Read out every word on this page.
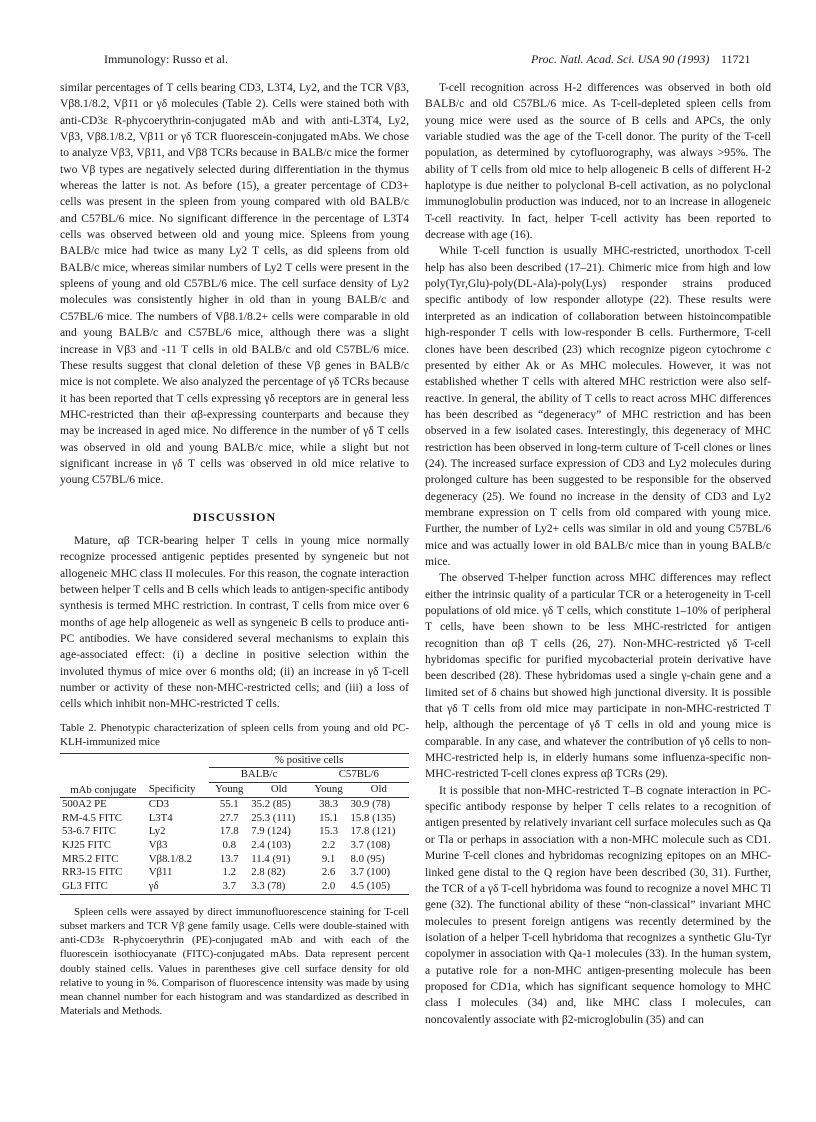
Immunology: Russo et al.	Proc. Natl. Acad. Sci. USA 90 (1993) 11721

similar percentages of T cells bearing CD3, L3T4, Ly2, and the TCR Vβ3, Vβ8.1/8.2, Vβ11 or γδ molecules (Table 2). Cells were stained both with anti-CD3ε R-phycoerythrin-conjugated mAb and with anti-L3T4, Ly2, Vβ3, Vβ8.1/8.2, Vβ11 or γδ TCR fluorescein-conjugated mAbs. We chose to analyze Vβ3, Vβ11, and Vβ8 TCRs because in BALB/c mice the former two Vβ types are negatively selected during differentiation in the thymus whereas the latter is not. As before (15), a greater percentage of CD3+ cells was present in the spleen from young compared with old BALB/c and C57BL/6 mice. No significant difference in the percentage of L3T4 cells was observed between old and young mice. Spleens from young BALB/c mice had twice as many Ly2 T cells, as did spleens from old BALB/c mice, whereas similar numbers of Ly2 T cells were present in the spleens of young and old C57BL/6 mice. The cell surface density of Ly2 molecules was consistently higher in old than in young BALB/c and C57BL/6 mice. The numbers of Vβ8.1/8.2+ cells were comparable in old and young BALB/c and C57BL/6 mice, although there was a slight increase in Vβ3 and -11 T cells in old BALB/c and old C57BL/6 mice. These results suggest that clonal deletion of these Vβ genes in BALB/c mice is not complete. We also analyzed the percentage of γδ TCRs because it has been reported that T cells expressing γδ receptors are in general less MHC-restricted than their αβ-expressing counterparts and because they may be increased in aged mice. No difference in the number of γδ T cells was observed in old and young BALB/c mice, while a slight but not significant increase in γδ T cells was observed in old mice relative to young C57BL/6 mice.

DISCUSSION

Mature, αβ TCR-bearing helper T cells in young mice normally recognize processed antigenic peptides presented by syngeneic but not allogeneic MHC class II molecules. For this reason, the cognate interaction between helper T cells and B cells which leads to antigen-specific antibody synthesis is termed MHC restriction. In contrast, T cells from mice over 6 months of age help allogeneic as well as syngeneic B cells to produce anti-PC antibodies. We have considered several mechanisms to explain this age-associated effect: (i) a decline in positive selection within the involuted thymus of mice over 6 months old; (ii) an increase in γδ T-cell number or activity of these non-MHC-restricted cells; and (iii) a loss of cells which inhibit non-MHC-restricted T cells.

Table 2. Phenotypic characterization of spleen cells from young and old PC-KLH-immunized mice
mAb conjugate	Specificity	% positive cells			
		BALB/c		C57BL/6	
		Young	Old	Young	Old
500A2 PE	CD3	55.1	35.2 (85)	38.3	30.9 (78)
RM-4.5 FITC	L3T4	27.7	25.3 (111)	15.1	15.8 (135)
53-6.7 FITC	Ly2	17.8	7.9 (124)	15.3	17.8 (121)
KJ25 FITC	Vβ3	0.8	2.4 (103)	2.2	3.7 (108)
MR5.2 FITC	Vβ8.1/8.2	13.7	11.4 (91)	9.1	8.0 (95)
RR3-15 FITC	Vβ11	1.2	2.8 (82)	2.6	3.7 (100)
GL3 FITC	γδ	3.7	3.3 (78)	2.0	4.5 (105)
Spleen cells were assayed by direct immunofluorescence staining for T-cell subset markers and TCR Vβ gene family usage. Cells were double-stained with anti-CD3ε R-phycoerythrin (PE)-conjugated mAb and with each of the fluorescein isothiocyanate (FITC)-conjugated mAbs. Data represent percent doubly stained cells. Values in parentheses give cell surface density for old relative to young in %. Comparison of fluorescence intensity was made by using mean channel number for each histogram and was standardized as described in Materials and Methods.

T-cell recognition across H-2 differences was observed in both old BALB/c and old C57BL/6 mice. As T-cell-depleted spleen cells from young mice were used as the source of B cells and APCs, the only variable studied was the age of the T-cell donor. The purity of the T-cell population, as determined by cytofluorography, was always >95%. The ability of T cells from old mice to help allogeneic B cells of different H-2 haplotype is due neither to polyclonal B-cell activation, as no polyclonal immunoglobulin production was induced, nor to an increase in allogeneic T-cell reactivity. In fact, helper T-cell activity has been reported to decrease with age (16).

While T-cell function is usually MHC-restricted, unorthodox T-cell help has also been described (17–21). Chimeric mice from high and low poly(Tyr,Glu)-poly(DL-Ala)-poly(Lys) responder strains produced specific antibody of low responder allotype (22). These results were interpreted as an indication of collaboration between histoincompatible high-responder T cells with low-responder B cells. Furthermore, T-cell clones have been described (23) which recognize pigeon cytochrome c presented by either Ak or As MHC molecules. However, it was not established whether T cells with altered MHC restriction were also self-reactive. In general, the ability of T cells to react across MHC differences has been described as “degeneracy” of MHC restriction and has been observed in a few isolated cases. Interestingly, this degeneracy of MHC restriction has been observed in long-term culture of T-cell clones or lines (24). The increased surface expression of CD3 and Ly2 molecules during prolonged culture has been suggested to be responsible for the observed degeneracy (25). We found no increase in the density of CD3 and Ly2 membrane expression on T cells from old compared with young mice. Further, the number of Ly2+ cells was similar in old and young C57BL/6 mice and was actually lower in old BALB/c mice than in young BALB/c mice.

The observed T-helper function across MHC differences may reflect either the intrinsic quality of a particular TCR or a heterogeneity in T-cell populations of old mice. γδ T cells, which constitute 1–10% of peripheral T cells, have been shown to be less MHC-restricted for antigen recognition than αβ T cells (26, 27). Non-MHC-restricted γδ T-cell hybridomas specific for purified mycobacterial protein derivative have been described (28). These hybridomas used a single γ-chain gene and a limited set of δ chains but showed high junctional diversity. It is possible that γδ T cells from old mice may participate in non-MHC-restricted T help, although the percentage of γδ T cells in old and young mice is comparable. In any case, and whatever the contribution of γδ cells to non-MHC-restricted help is, in elderly humans some influenza-specific non-MHC-restricted T-cell clones express αβ TCRs (29).

It is possible that non-MHC-restricted T–B cognate interaction in PC-specific antibody response by helper T cells relates to a recognition of antigen presented by relatively invariant cell surface molecules such as Qa or Tla or perhaps in association with a non-MHC molecule such as CD1. Murine T-cell clones and hybridomas recognizing epitopes on an MHC-linked gene distal to the Q region have been described (30, 31). Further, the TCR of a γδ T-cell hybridoma was found to recognize a novel MHC Tl gene (32). The functional ability of these “non-classical” invariant MHC molecules to present foreign antigens was recently determined by the isolation of a helper T-cell hybridoma that recognizes a synthetic Glu-Tyr copolymer in association with Qa-1 molecules (33). In the human system, a putative role for a non-MHC antigen-presenting molecule has been proposed for CD1a, which has significant sequence homology to MHC class I molecules (34) and, like MHC class I molecules, can noncovalently associate with β2-microglobulin (35) and can
